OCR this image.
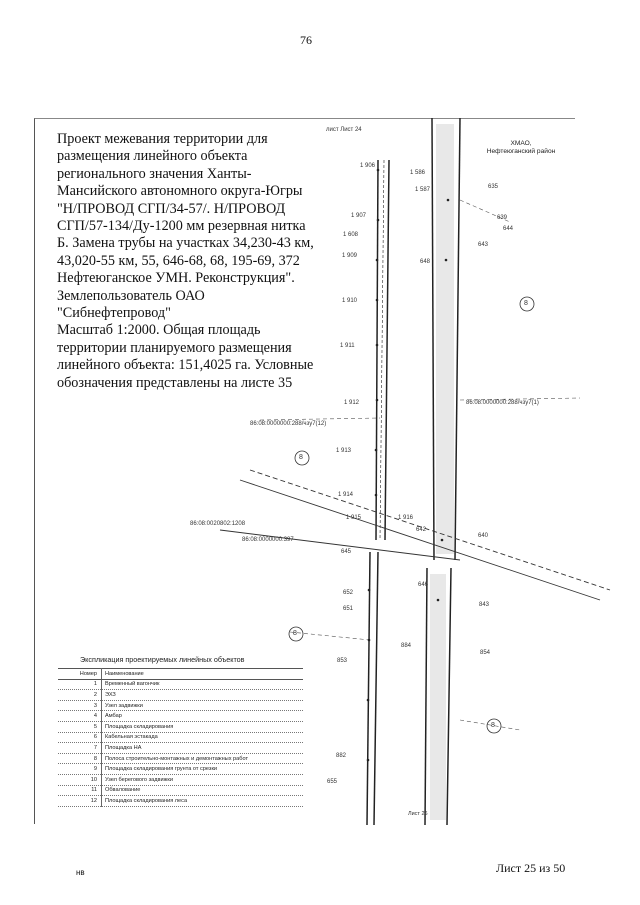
76

Проект межевания территории для

размещения линейного объекта

регионального значения Ханты-

Мансийского автономного округа-Югры

"Н/ПРОВОД СГП/34-57/. Н/ПРОВОД

СГП/57-134/Ду-1200 мм резервная нитка

Б. Замена трубы на участках 34,230-43 км,

43,020-55 км, 55, 646-68, 68, 195-69, 372

Нефтеюганское УМН. Реконструкция".

Землепользователь ОАО

"Сибнефтепровод"

Масштаб 1:2000. Общая площадь

территории планируемого размещения

линейного объекта: 151,4025 га. Условные

обозначения представлены на листе 35

ХМАО,
Нефтеюганский район
лист Лист 24
86:08:0000000:288/чзу7(1)
86:08:0000000:288/чзу7(12)
86:08:0020802:1208
86:08:0000000:397
8
8
8
8
1 906
1 907
1 608
1 909
1 910
1 911
1 912
1 913
1 914
1 915	1 916
1 586
1 587	635
648
639
644
643
642
640
645
652
651
843
854
853
882
884
655
646
Экспликация проектируемых линейных объектов
Номер	Наименование
1	Временный вагончик
2	ЭХЗ
3	Узел задвижки
4	Амбар
5	Площадка складирования
6	Кабельная эстакада
7	Площадка НА
8	Полоса строительно-монтажных и демонтажных работ
9	Площадка складирования грунта от срезки
10	Узел берегового задвижки
11	Обвалование
12	Площадка складирования леса
Лист 26
нв	Лист 25 из 50
